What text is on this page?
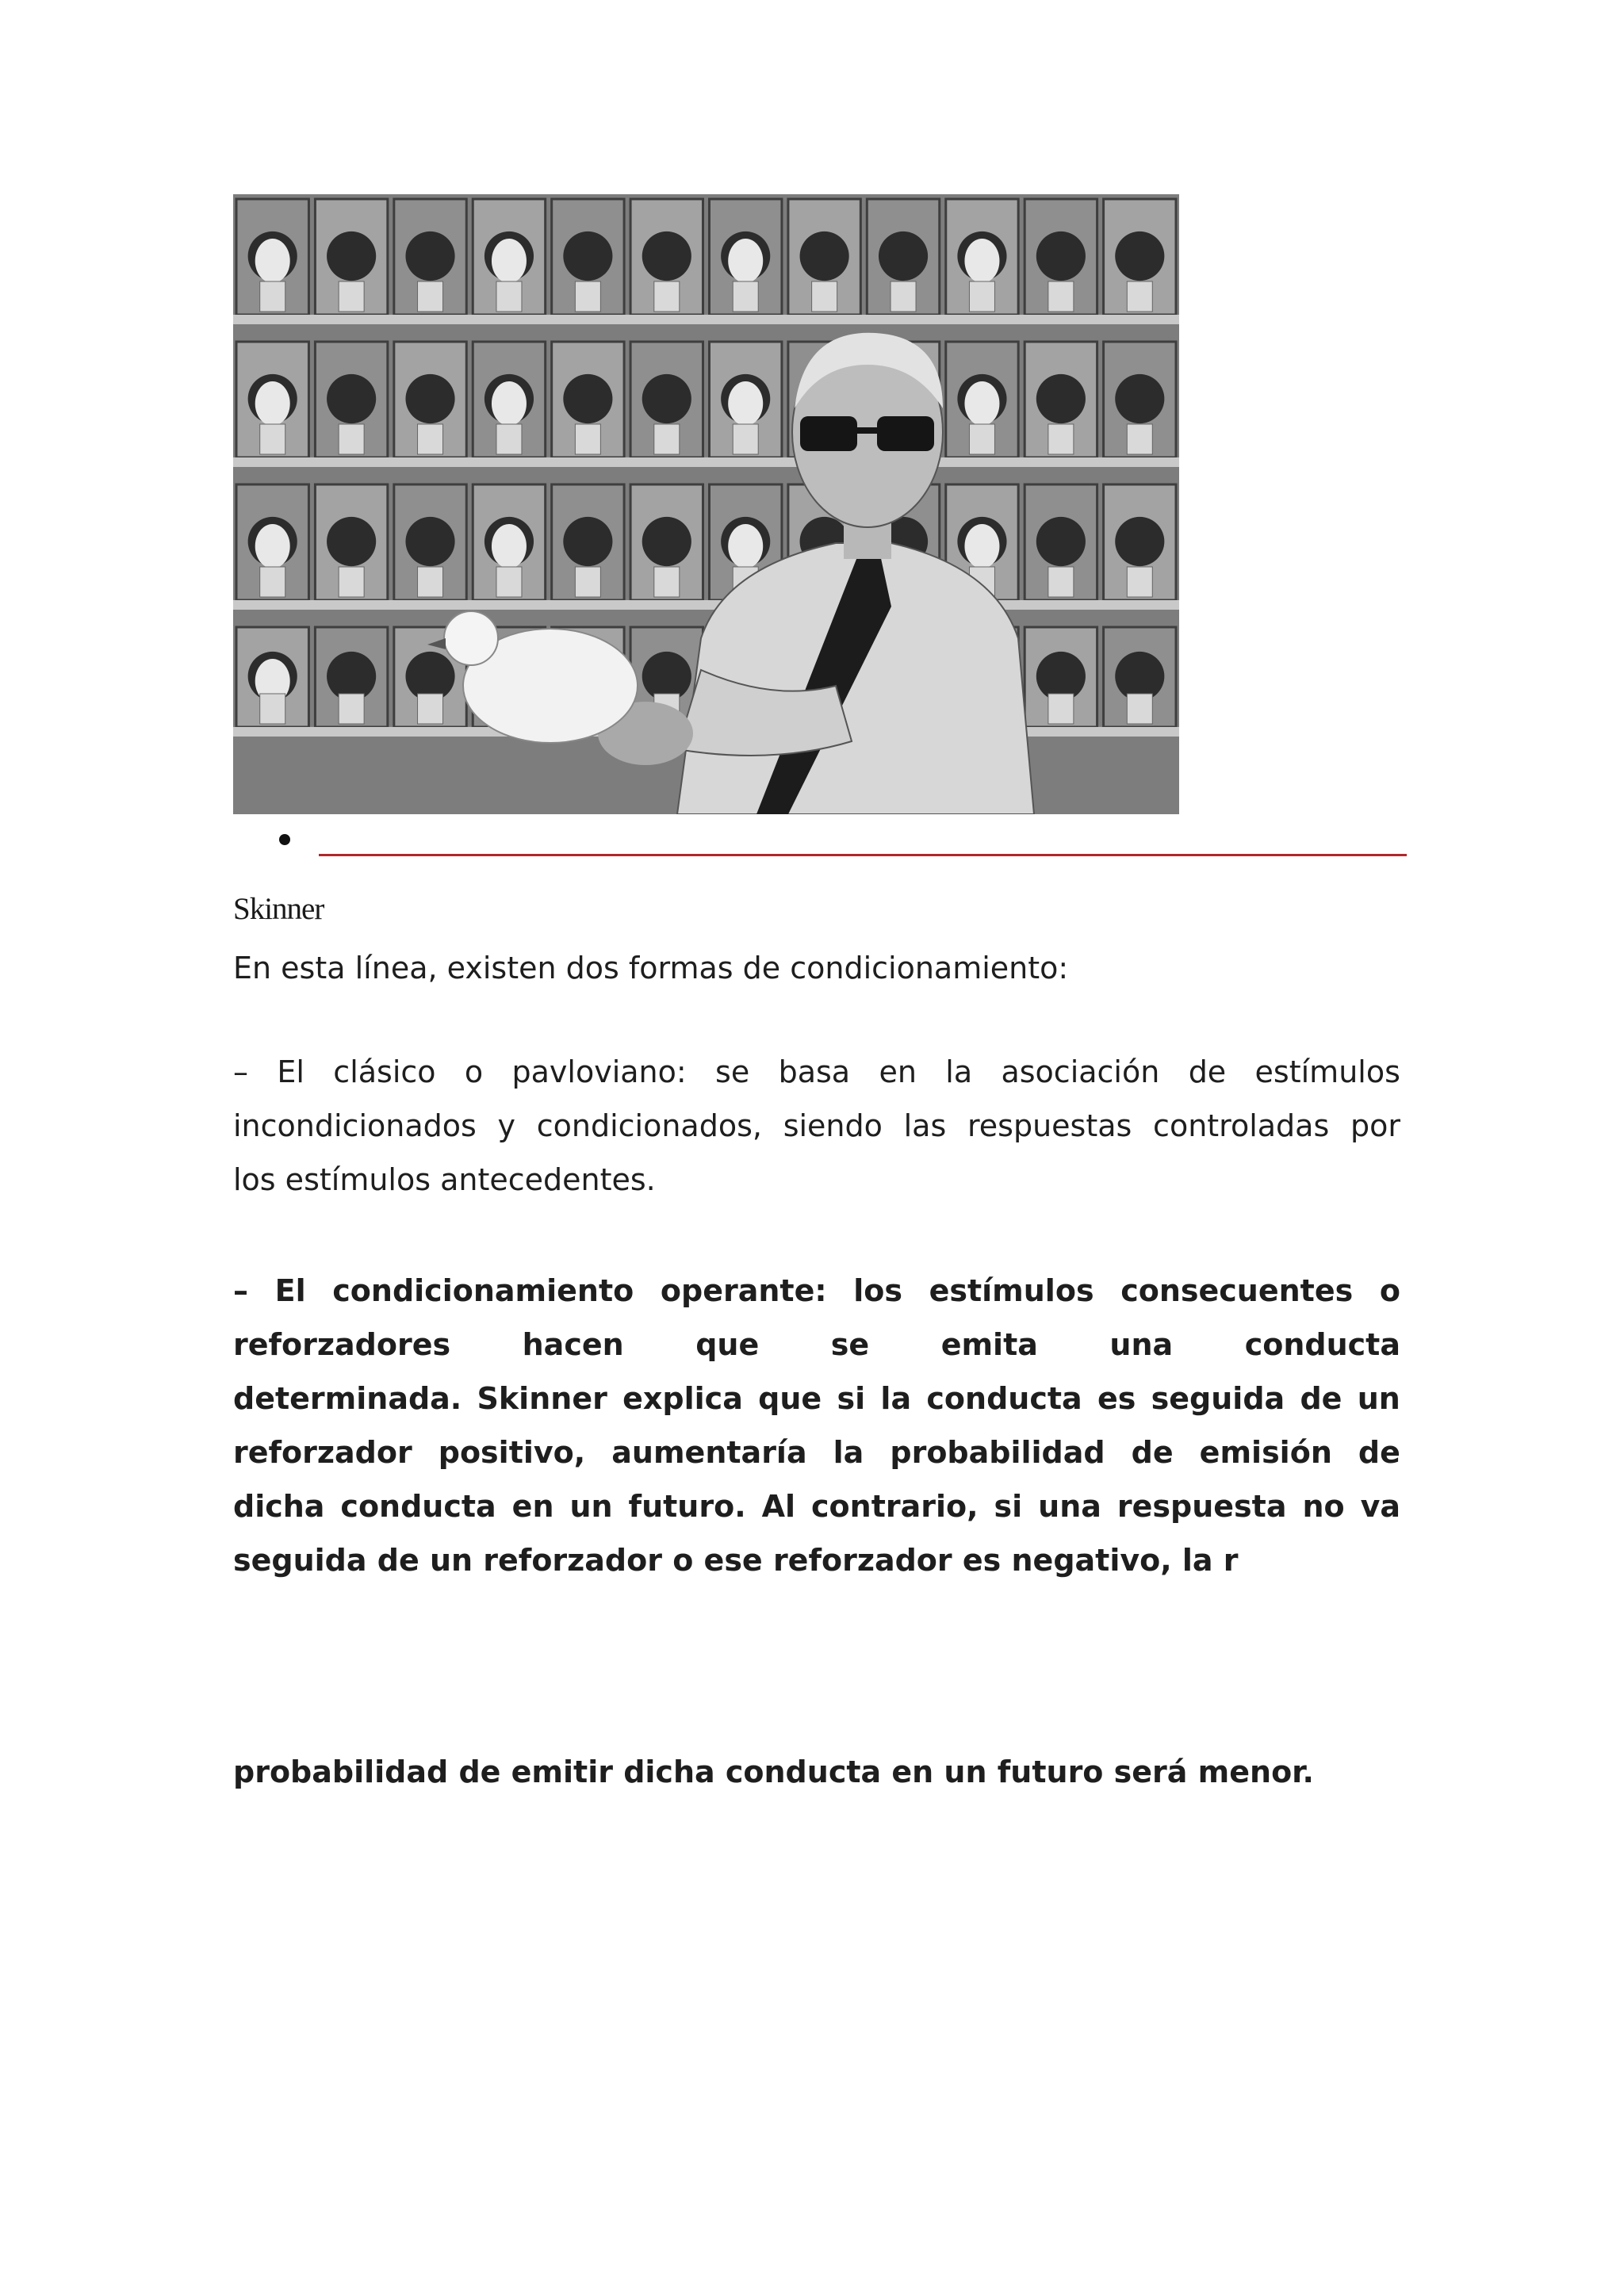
Skinner
En esta línea, existen dos formas de condicionamiento:
– El clásico o pavloviano: se basa en la asociación de estímulos
incondicionados y condicionados, siendo las respuestas controladas por
los estímulos antecedentes.
– El condicionamiento operante: los estímulos consecuentes o
reforzadores hacen que se emita una conducta
determinada. Skinner explica que si la conducta es seguida de un
reforzador positivo, aumentaría la probabilidad de emisión de
dicha conducta en un futuro. Al contrario, si una respuesta no va
seguida de un reforzador o ese reforzador es negativo, la r
probabilidad de emitir dicha conducta en un futuro será menor.
